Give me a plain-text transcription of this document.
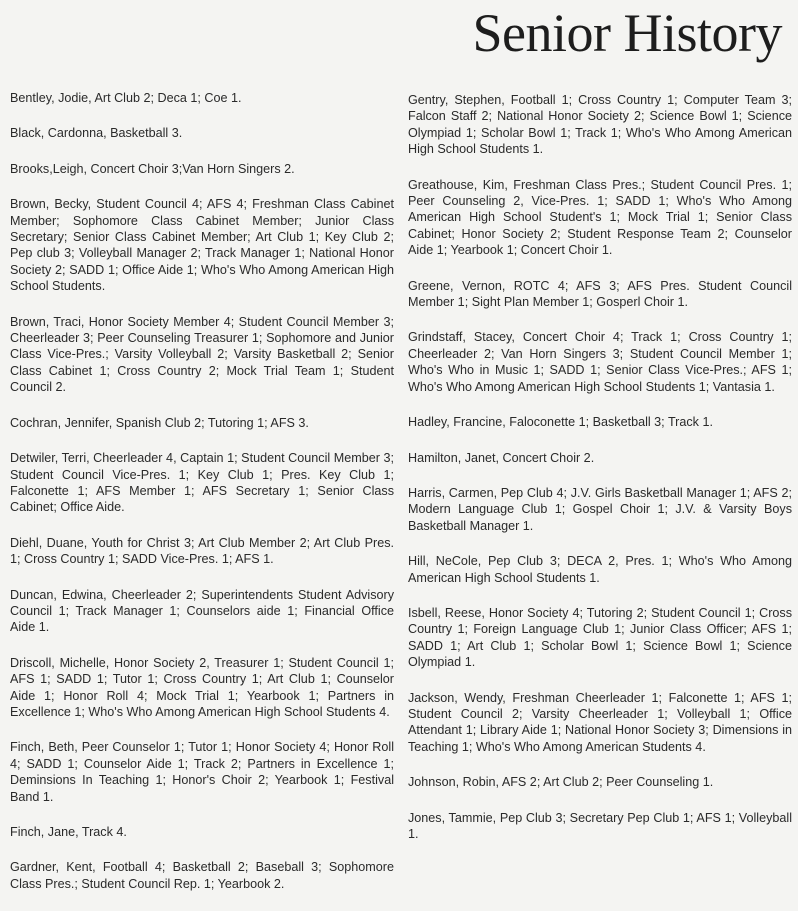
Senior History

Bentley, Jodie, Art Club 2; Deca 1; Coe 1.

Black, Cardonna, Basketball 3.

Brooks,Leigh, Concert Choir 3;Van Horn Singers 2.

Brown, Becky, Student Council 4; AFS 4; Freshman Class Cabinet Member; Sophomore Class Cabinet Member; Junior Class Secretary; Senior Class Cabinet Member; Art Club 1; Key Club 2; Pep club 3; Volleyball Manager 2; Track Manager 1; National Honor Society 2; SADD 1; Office Aide 1; Who's Who Among American High School Students.

Brown, Traci, Honor Society Member 4; Student Council Member 3; Cheerleader 3; Peer Counseling Treasurer 1; Sophomore and Junior Class Vice-Pres.; Varsity Volleyball 2; Varsity Basketball 2; Senior Class Cabinet 1; Cross Country 2; Mock Trial Team 1; Student Council 2.

Cochran, Jennifer, Spanish Club 2; Tutoring 1; AFS 3.

Detwiler, Terri, Cheerleader 4, Captain 1; Student Council Member 3; Student Council Vice-Pres. 1; Key Club 1; Pres. Key Club 1; Falconette 1; AFS Member 1; AFS Secretary 1; Senior Class Cabinet; Office Aide.

Diehl, Duane, Youth for Christ 3; Art Club Member 2; Art Club Pres. 1; Cross Country 1; SADD Vice-Pres. 1; AFS 1.

Duncan, Edwina, Cheerleader 2; Superintendents Student Advisory Council 1; Track Manager 1; Counselors aide 1; Financial Office Aide 1.

Driscoll, Michelle, Honor Society 2, Treasurer 1; Student Council 1; AFS 1; SADD 1; Tutor 1; Cross Country 1; Art Club 1; Counselor Aide 1; Honor Roll 4; Mock Trial 1; Yearbook 1; Partners in Excellence 1; Who's Who Among American High School Students 4.

Finch, Beth, Peer Counselor 1; Tutor 1; Honor Society 4; Honor Roll 4; SADD 1; Counselor Aide 1; Track 2; Partners in Excellence 1; Deminsions In Teaching 1; Honor's Choir 2; Yearbook 1; Festival Band 1.

Finch, Jane, Track 4.

Gardner, Kent, Football 4; Basketball 2; Baseball 3; Sophomore Class Pres.; Student Council Rep. 1; Yearbook 2.

Gentry, Stephen, Football 1; Cross Country 1; Computer Team 3; Falcon Staff 2; National Honor Society 2; Science Bowl 1; Science Olympiad 1; Scholar Bowl 1; Track 1; Who's Who Among American High School Students 1.

Greathouse, Kim, Freshman Class Pres.; Student Council Pres. 1; Peer Counseling 2, Vice-Pres. 1; SADD 1; Who's Who Among American High School Student's 1; Mock Trial 1; Senior Class Cabinet; Honor Society 2; Student Response Team 2; Counselor Aide 1; Yearbook 1; Concert Choir 1.

Greene, Vernon, ROTC 4; AFS 3; AFS Pres. Student Council Member 1; Sight Plan Member 1; Gosperl Choir 1.

Grindstaff, Stacey, Concert Choir 4; Track 1; Cross Country 1; Cheerleader 2; Van Horn Singers 3; Student Council Member 1; Who's Who in Music 1; SADD 1; Senior Class Vice-Pres.; AFS 1; Who's Who Among American High School Students 1; Vantasia 1.

Hadley, Francine, Faloconette 1; Basketball 3; Track 1.

Hamilton, Janet, Concert Choir 2.

Harris, Carmen, Pep Club 4; J.V. Girls Basketball Manager 1; AFS 2; Modern Language Club 1; Gospel Choir 1; J.V. & Varsity Boys Basketball Manager 1.

Hill, NeCole, Pep Club 3; DECA 2, Pres. 1; Who's Who Among American High School Students 1.

Isbell, Reese, Honor Society 4; Tutoring 2; Student Council 1; Cross Country 1; Foreign Language Club 1; Junior Class Officer; AFS 1; SADD 1; Art Club 1; Scholar Bowl 1; Science Bowl 1; Science Olympiad 1.

Jackson, Wendy, Freshman Cheerleader 1; Falconette 1; AFS 1; Student Council 2; Varsity Cheerleader 1; Volleyball 1; Office Attendant 1; Library Aide 1; National Honor Society 3; Dimensions in Teaching 1; Who's Who Among American Students 4.

Johnson, Robin, AFS 2; Art Club 2; Peer Counseling 1.

Jones, Tammie, Pep Club 3; Secretary Pep Club 1; AFS 1; Volleyball 1.
